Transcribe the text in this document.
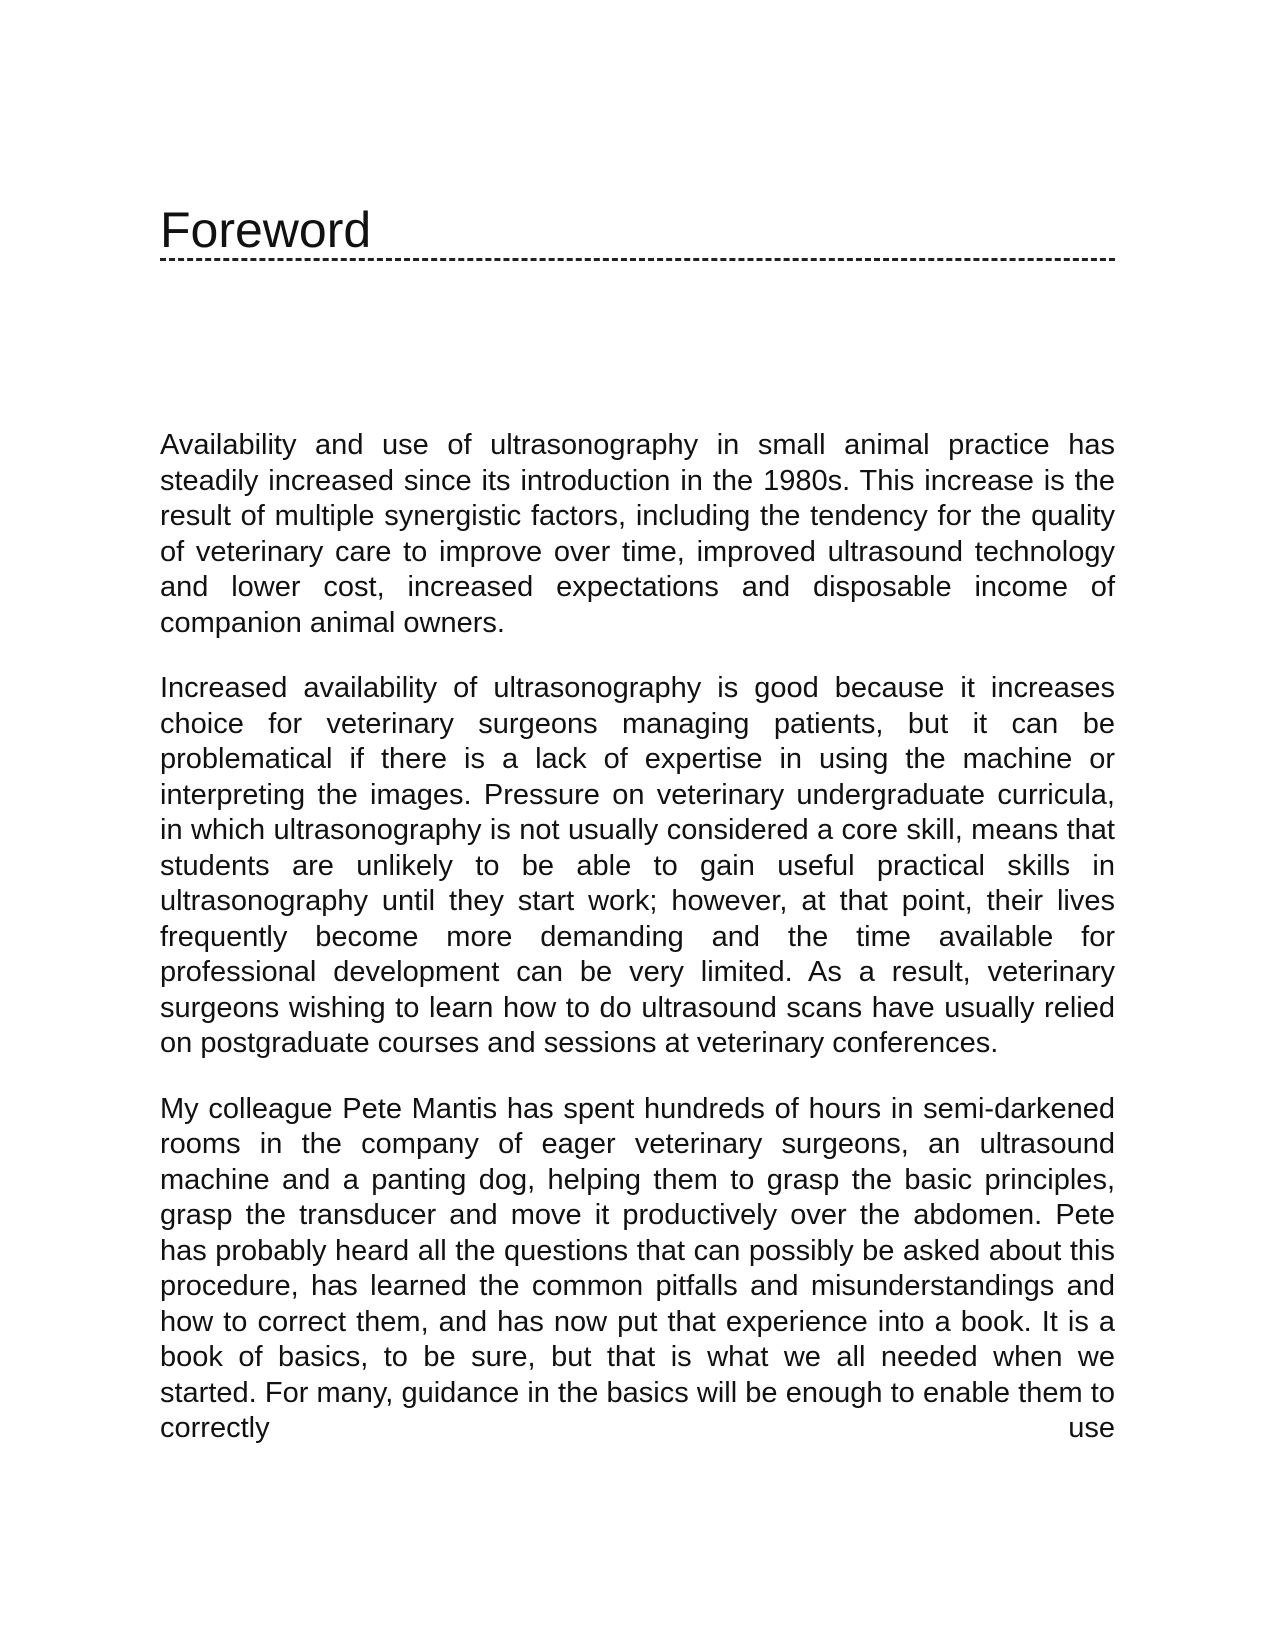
Foreword

Availability and use of ultrasonography in small animal practice has steadily increased since its introduction in the 1980s. This increase is the result of multiple synergistic factors, including the tendency for the quality of veterinary care to improve over time, improved ultrasound technology and lower cost, increased expectations and disposable income of companion animal owners.

Increased availability of ultrasonography is good because it increases choice for veterinary surgeons managing patients, but it can be problematical if there is a lack of expertise in using the machine or interpreting the images. Pressure on veterinary undergraduate curricula, in which ultrasonography is not usually considered a core skill, means that students are unlikely to be able to gain useful practical skills in ultrasonography until they start work; however, at that point, their lives frequently become more demanding and the time available for professional development can be very limited. As a result, veterinary surgeons wishing to learn how to do ultrasound scans have usually relied on postgraduate courses and sessions at veterinary conferences.

My colleague Pete Mantis has spent hundreds of hours in semi-darkened rooms in the company of eager veterinary surgeons, an ultrasound machine and a panting dog, helping them to grasp the basic principles, grasp the transducer and move it productively over the abdomen. Pete has probably heard all the questions that can possibly be asked about this procedure, has learned the common pitfalls and misunderstandings and how to correct them, and has now put that experience into a book. It is a book of basics, to be sure, but that is what we all needed when we started. For many, guidance in the basics will be enough to enable them to correctly use
